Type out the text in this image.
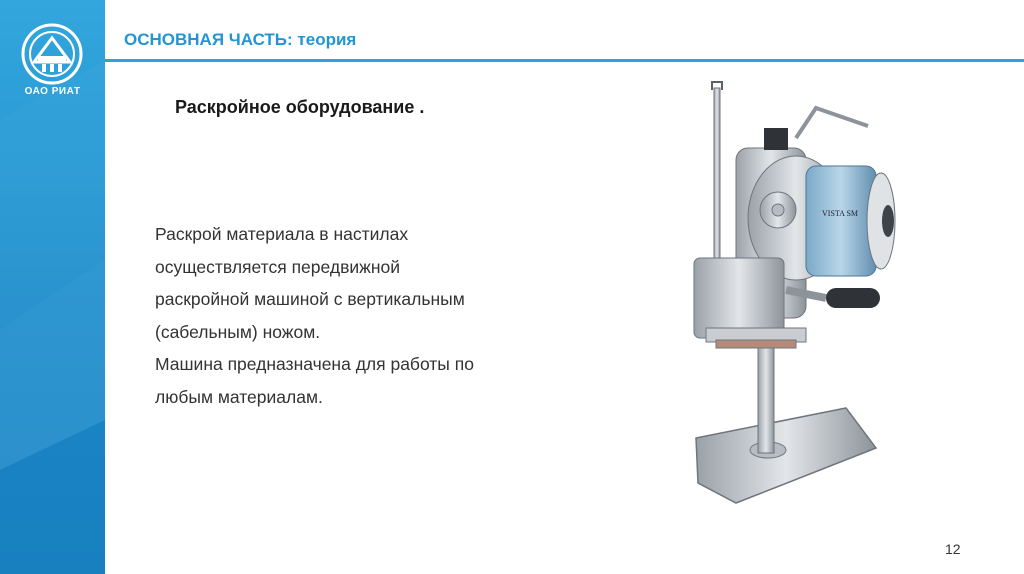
ОАО РИАТ
ОСНОВНАЯ ЧАСТЬ: теория
Раскройное оборудование .
Раскрой материала в настилах
осуществляется передвижной
раскройной машиной с вертикальным
(сабельным) ножом.
Машина предназначена для работы по
любым материалам.
VISTA SM
12
